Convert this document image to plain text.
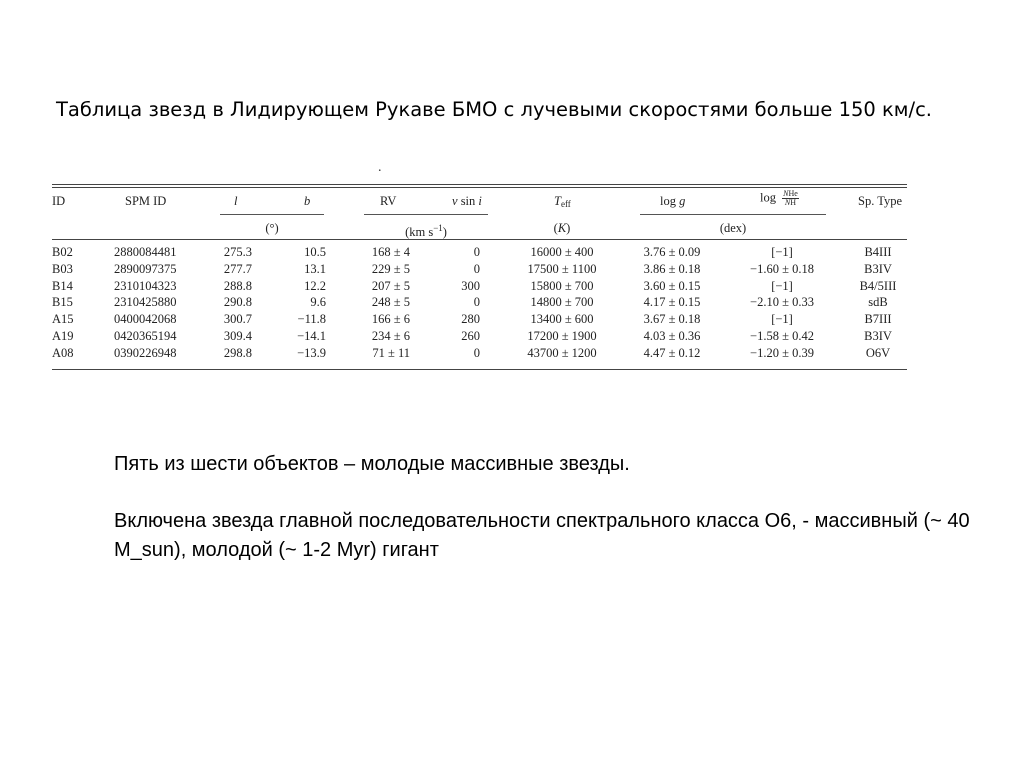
Таблица звезд в Лидирующем Рукаве БМО с лучевыми скоростями больше 150 км/с.
.
ID	SPM ID	l	b	RV	v sin i	$T_{eff}$	log g	$\log \frac{\text{NHe}}{NH}$	Sp. Type
(°)	(km $s^{-1}$)	(K)	(dex)
B02	2880084481	275.3	10.5	168 ± 4	0	16000 ± 400	3.76 ± 0.09	[−1]	B4III
B03	2890097375	277.7	13.1	229 ± 5	0	17500 ± 1100	3.86 ± 0.18	−1.60 ± 0.18	B3IV
B14	2310104323	288.8	12.2	207 ± 5	300	15800 ± 700	3.60 ± 0.15	[−1]	B4/5III
B15	2310425880	290.8	9.6	248 ± 5	0	14800 ± 700	4.17 ± 0.15	−2.10 ± 0.33	sdB
A15	0400042068	300.7	−11.8	166 ± 6	280	13400 ± 600	3.67 ± 0.18	[−1]	B7III
A19	0420365194	309.4	−14.1	234 ± 6	260	17200 ± 1900	4.03 ± 0.36	−1.58 ± 0.42	B3IV
A08	0390226948	298.8	−13.9	71 ± 11	0	43700 ± 1200	4.47 ± 0.12	−1.20 ± 0.39	O6V

Пять из шести объектов – молодые массивные звезды.

Включена звезда главной последовательности спектрального класса О6, - массивный (~ 40 M_sun), молодой (~ 1-2 Myr) гигант
